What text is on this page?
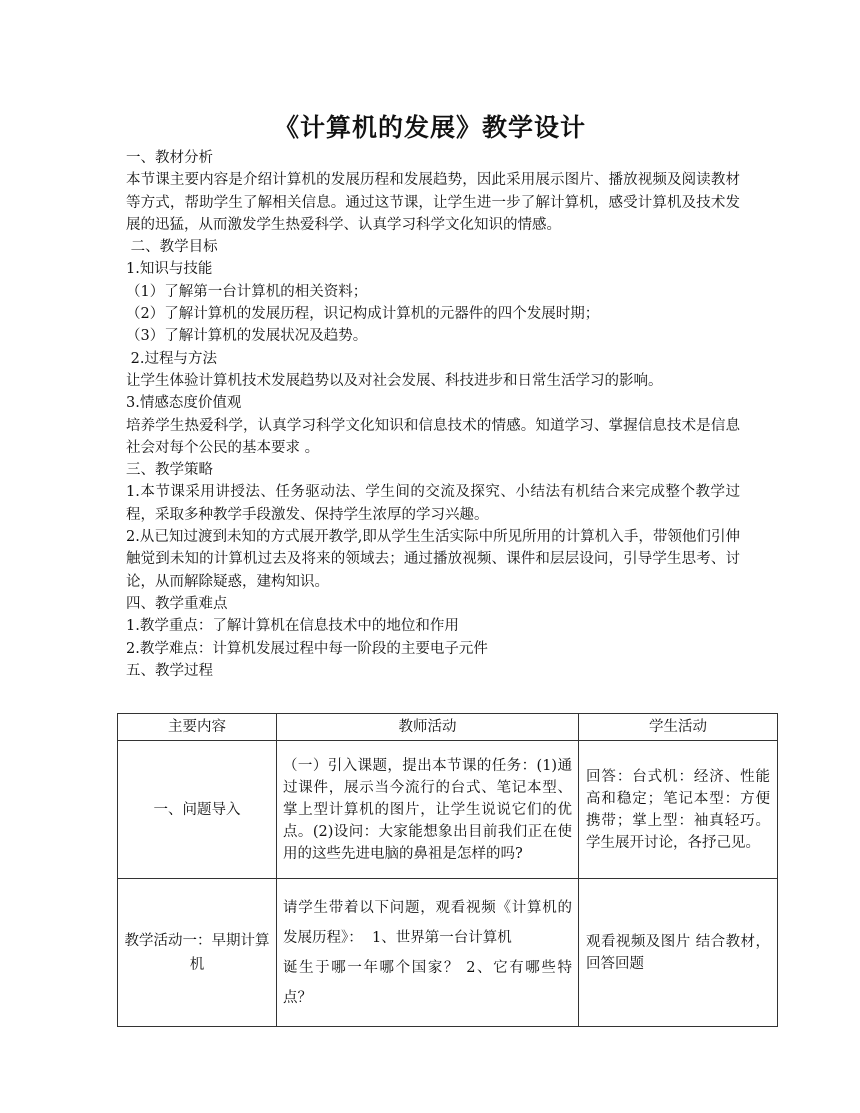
《计算机的发展》教学设计

一、教材分析

本节课主要内容是介绍计算机的发展历程和发展趋势，因此采用展示图片、播放视频及阅读教材等方式，帮助学生了解相关信息。通过这节课，让学生进一步了解计算机，感受计算机及技术发展的迅猛，从而激发学生热爱科学、认真学习科学文化知识的情感。

二、教学目标

1.知识与技能

（1）了解第一台计算机的相关资料；

（2）了解计算机的发展历程，识记构成计算机的元器件的四个发展时期；

（3）了解计算机的发展状况及趋势。

2.过程与方法

让学生体验计算机技术发展趋势以及对社会发展、科技进步和日常生活学习的影响。

3.情感态度价值观

培养学生热爱科学，认真学习科学文化知识和信息技术的情感。知道学习、掌握信息技术是信息社会对每个公民的基本要求 。

三、教学策略

1.本节课采用讲授法、任务驱动法、学生间的交流及探究、小结法有机结合来完成整个教学过程，采取多种教学手段激发、保持学生浓厚的学习兴趣。

2.从已知过渡到未知的方式展开教学,即从学生生活实际中所见所用的计算机入手，带领他们引伸触觉到未知的计算机过去及将来的领域去；通过播放视频、课件和层层设问，引导学生思考、讨论，从而解除疑惑，建构知识。

四、教学重难点

1.教学重点：了解计算机在信息技术中的地位和作用

2.教学难点：计算机发展过程中每一阶段的主要电子元件

五、教学过程

主要内容	教师活动	学生活动
一、问题导入	（一）引入课题，提出本节课的任务：(1)通过课件，展示当今流行的台式、笔记本型、掌上型计算机的图片，让学生说说它们的优点。(2)设问：大家能想象出目前我们正在使用的这些先进电脑的鼻祖是怎样的吗?	回答：台式机：经济、性能高和稳定；笔记本型：方便携带；掌上型：袖真轻巧。学生展开讨论，各抒己见。
教学活动一：早期计算机	请学生带着以下问题，观看视频《计算机的发展历程》：  1、世界第一台计算机
诞生于哪一年哪个国家？ 2、它有哪些特点？	观看视频及图片 结合教材，回答回题
